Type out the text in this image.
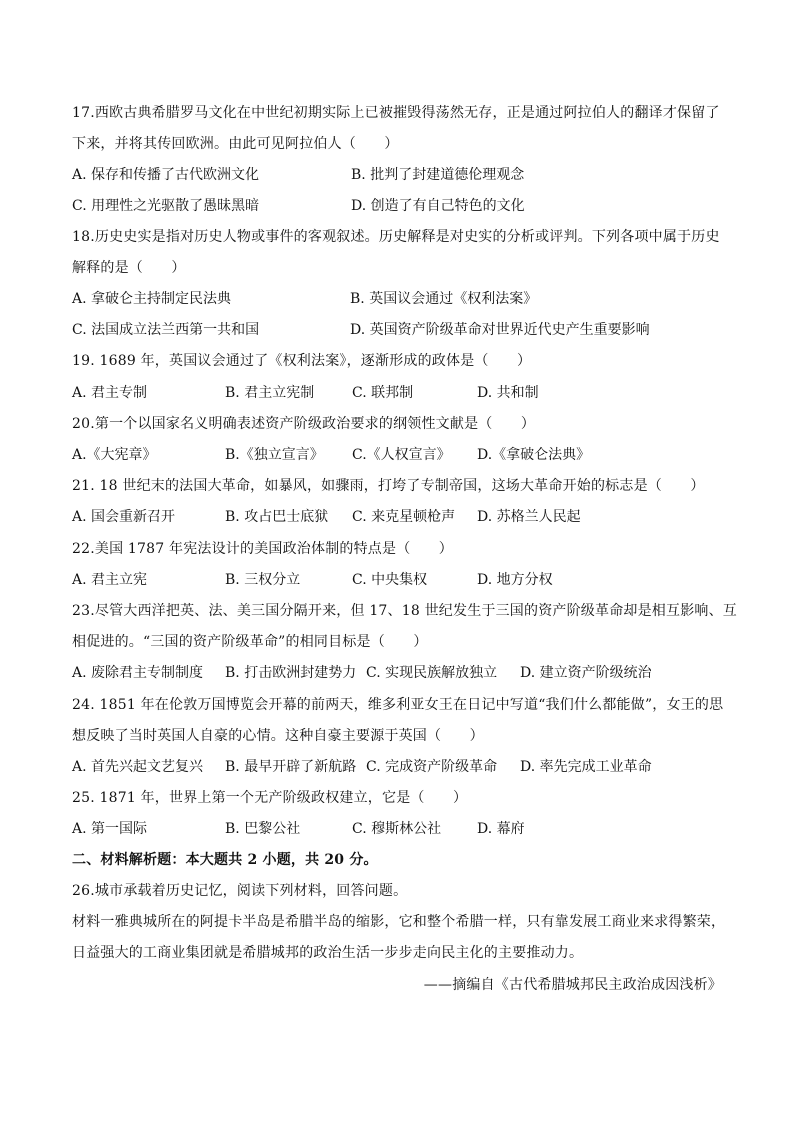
17.西欧古典希腊罗马文化在中世纪初期实际上已被摧毁得荡然无存，正是通过阿拉伯人的翻译才保留了
下来，并将其传回欧洲。由此可见阿拉伯人（　　）
A. 保存和传播了古代欧洲文化	B. 批判了封建道德伦理观念
C. 用理性之光驱散了愚昧黑暗	D. 创造了有自己特色的文化
18.历史史实是指对历史人物或事件的客观叙述。历史解释是对史实的分析或评判。下列各项中属于历史
解释的是（　　）
A. 拿破仑主持制定民法典	B. 英国议会通过《权利法案》
C. 法国成立法兰西第一共和国	D. 英国资产阶级革命对世界近代史产生重要影响
19. 1689 年，英国议会通过了《权利法案》，逐渐形成的政体是（　　）
A. 君主专制	B. 君主立宪制	C. 联邦制	D. 共和制
20.第一个以国家名义明确表述资产阶级政治要求的纲领性文献是（　　）
A.《大宪章》	B.《独立宣言》 C.《人权宣言》 D.《拿破仑法典》
21. 18 世纪末的法国大革命，如暴风，如骤雨，打垮了专制帝国，这场大革命开始的标志是（　　）
A. 国会重新召开	B. 攻占巴士底狱 C. 来克星顿枪声 D. 苏格兰人民起
22.美国 1787 年宪法设计的美国政治体制的特点是（　　）
A. 君主立宪	B. 三权分立	C. 中央集权	D. 地方分权
23.尽管大西洋把英、法、美三国分隔开来，但 17、18 世纪发生于三国的资产阶级革命却是相互影响、互
相促进的。“三国的资产阶级革命”的相同目标是（　　）
A. 废除君主专制制度 B. 打击欧洲封建势力 C. 实现民族解放独立 D. 建立资产阶级统治
24. 1851 年在伦敦万国博览会开幕的前两天，维多利亚女王在日记中写道“我们什么都能做”，女王的思
想反映了当时英国人自豪的心情。这种自豪主要源于英国（　　）
A. 首先兴起文艺复兴 B. 最早开辟了新航路 C. 完成资产阶级革命 D. 率先完成工业革命
25. 1871 年，世界上第一个无产阶级政权建立，它是（　　）
A. 第一国际	B. 巴黎公社	C. 穆斯林公社	D. 幕府
二、材料解析题：本大题共 2 小题，共 20 分。
26.城市承载着历史记忆，阅读下列材料，回答问题。
材料一雅典城所在的阿提卡半岛是希腊半岛的缩影，它和整个希腊一样，只有靠发展工商业来求得繁荣，
日益强大的工商业集团就是希腊城邦的政治生活一步步走向民主化的主要推动力。
——摘编自《古代希腊城邦民主政治成因浅析》
